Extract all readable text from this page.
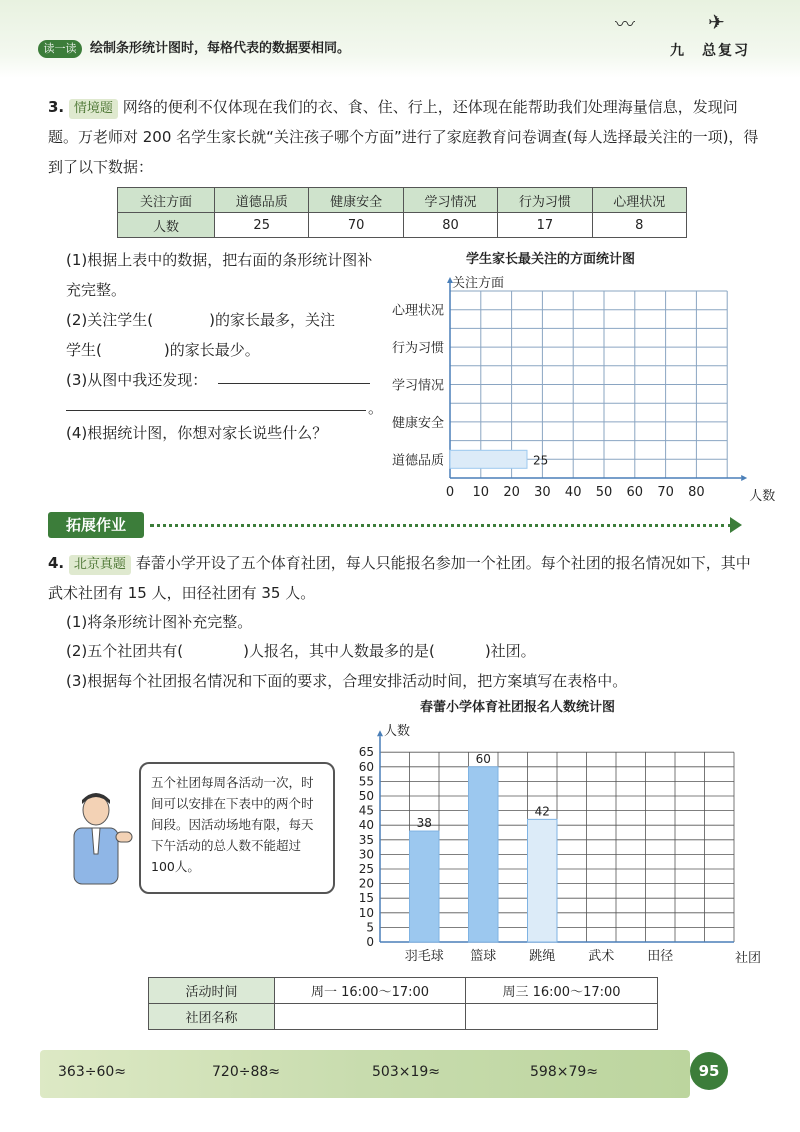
〰	✈
读一读	绘制条形统计图时，每格代表的数据要相同。	九　总复习
3. 情境题 网络的便利不仅体现在我们的衣、食、住、行上，还体现在能帮助我们处理海量信息，发现问题。万老师对 200 名学生家长就“关注孩子哪个方面”进行了家庭教育问卷调查(每人选择最关注的一项)，得到了以下数据：
关注方面	道德品质	健康安全	学习情况	行为习惯	心理状况
人数	25	70	80	17	8
(1)根据上表中的数据，把右面的条形统计图补充完整。
(2)关注学生(	)的家长最多，关注
学生(	)的家长最少。
(3)从图中我还发现：
。
(4)根据统计图，你想对家长说些什么？
学生家长最关注的方面统计图
关注方面
道德品质	25
健康安全
学习情况
行为习惯
心理状况
0 10 20 30 40 50 60 70 80	人数
拓展作业
4. 北京真题 春蕾小学开设了五个体育社团，每人只能报名参加一个社团。每个社团的报名情况如下，其中武术社团有 15 人，田径社团有 35 人。
(1)将条形统计图补充完整。
(2)五个社团共有(	)人报名，其中人数最多的是(	)社团。
(3)根据每个社团报名情况和下面的要求，合理安排活动时间，把方案填写在表格中。
春蕾小学体育社团报名人数统计图
人数
0
5
10
15
20
25
30
35
40
45
50
55
60
65
羽毛球
38
篮球
60
跳绳
42
武术	田径	社团
五个社团每周各活动一次，时间可以安排在下表中的两个时间段。因活动场地有限，每天下午活动的总人数不能超过100人。
活动时间	周一 16:00～17:00	周三 16:00～17:00
社团名称		
363÷60≈	720÷88≈	503×19≈	598×79≈	95
